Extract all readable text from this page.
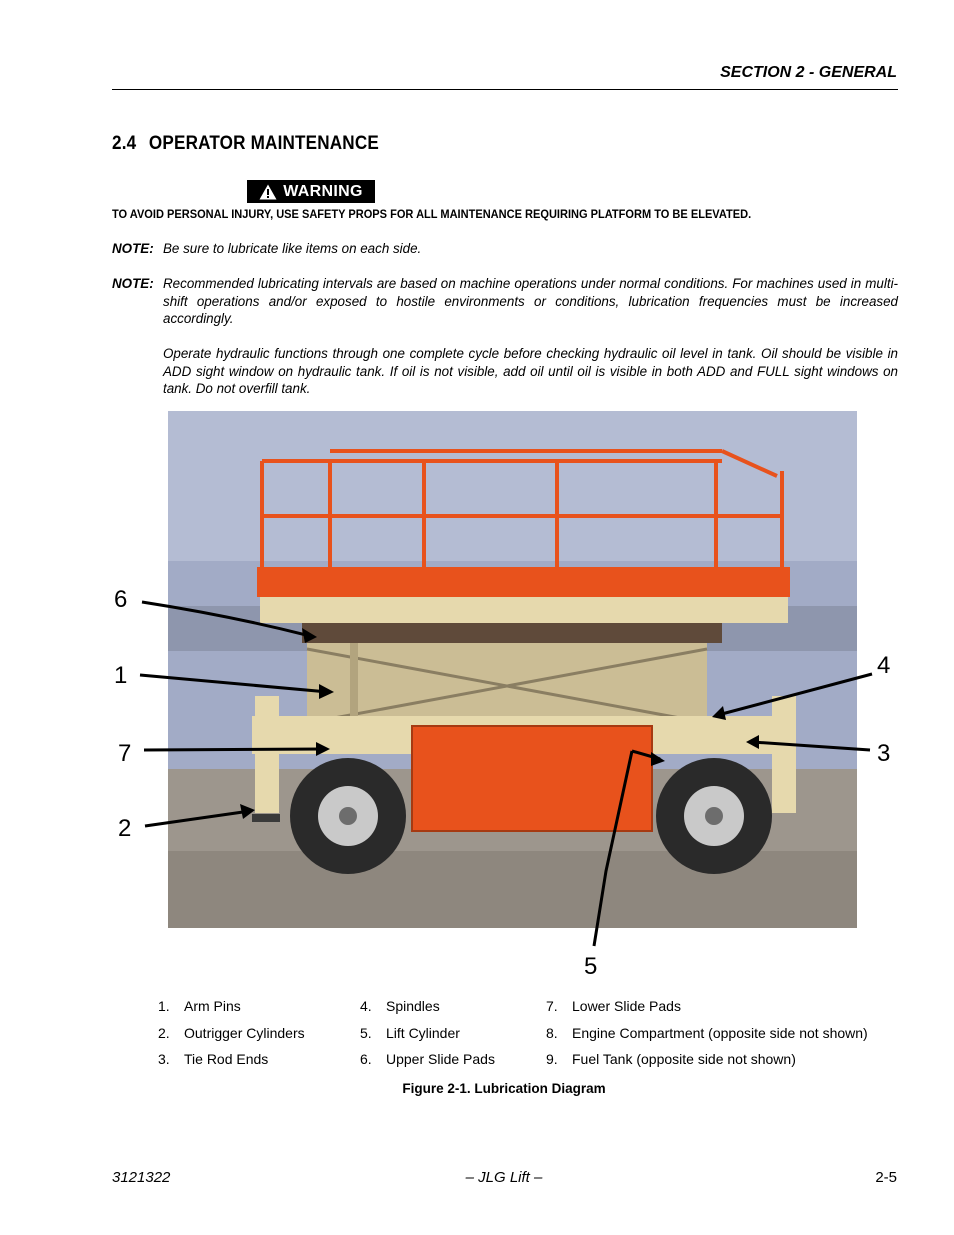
SECTION 2 - GENERAL
2.4 OPERATOR MAINTENANCE
WARNING
TO AVOID PERSONAL INJURY, USE SAFETY PROPS FOR ALL MAINTENANCE REQUIRING PLATFORM TO BE ELEVATED.
NOTE: Be sure to lubricate like items on each side.

NOTE: Recommended lubricating intervals are based on machine operations under normal conditions. For machines used in multi-shift operations and/or exposed to hostile environments or conditions, lubrication frequencies must be increased accordingly.

Operate hydraulic functions through one complete cycle before checking hydraulic oil level in tank. Oil should be visible in ADD sight window on hydraulic tank. If oil is not visible, add oil until oil is visible in both ADD and FULL sight windows on tank. Do not overfill tank.

6
1
7
2
4
3
5
1.	Arm Pins
2.	Outrigger Cylinders
3.	Tie Rod Ends
4.	Spindles
5.	Lift Cylinder
6.	Upper Slide Pads
7.	Lower Slide Pads
8.	Engine Compartment (opposite side not shown)
9.	Fuel Tank (opposite side not shown)
Figure 2-1. Lubrication Diagram
3121322	– JLG Lift –	2-5
